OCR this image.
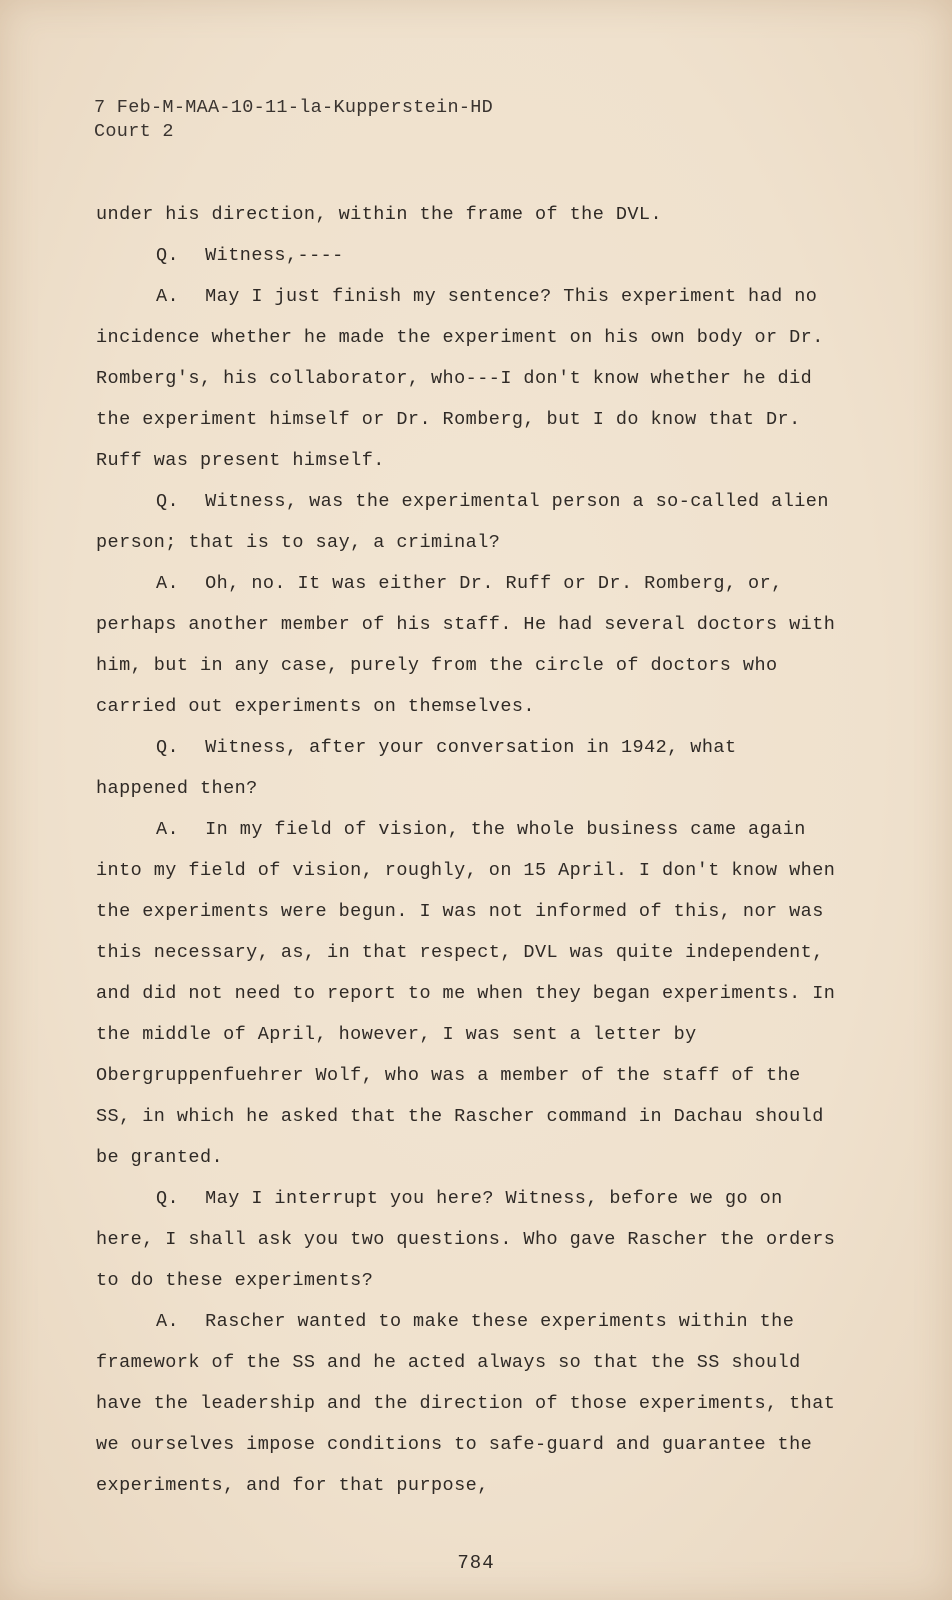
7 Feb-M-MAA-10-11-la-Kupperstein-HD
Court 2

under his direction, within the frame of the DVL.

Q. Witness,----

A. May I just finish my sentence? This experiment had no incidence whether he made the experiment on his own body or Dr. Romberg's, his collaborator, who---I don't know whether he did the experiment himself or Dr. Romberg, but I do know that Dr. Ruff was present himself.

Q. Witness, was the experimental person a so-called alien person; that is to say, a criminal?

A. Oh, no. It was either Dr. Ruff or Dr. Romberg, or, perhaps another member of his staff. He had several doctors with him, but in any case, purely from the circle of doctors who carried out experiments on themselves.

Q. Witness, after your conversation in 1942, what happened then?

A. In my field of vision, the whole business came again into my field of vision, roughly, on 15 April. I don't know when the experiments were begun. I was not informed of this, nor was this necessary, as, in that respect, DVL was quite independent, and did not need to report to me when they began experiments. In the middle of April, however, I was sent a letter by Obergruppenfuehrer Wolf, who was a member of the staff of the SS, in which he asked that the Rascher command in Dachau should be granted.

Q. May I interrupt you here? Witness, before we go on here, I shall ask you two questions. Who gave Rascher the orders to do these experiments?

A. Rascher wanted to make these experiments within the framework of the SS and he acted always so that the SS should have the leadership and the direction of those experiments, that we ourselves impose conditions to safe-guard and guarantee the experiments, and for that purpose,

784
